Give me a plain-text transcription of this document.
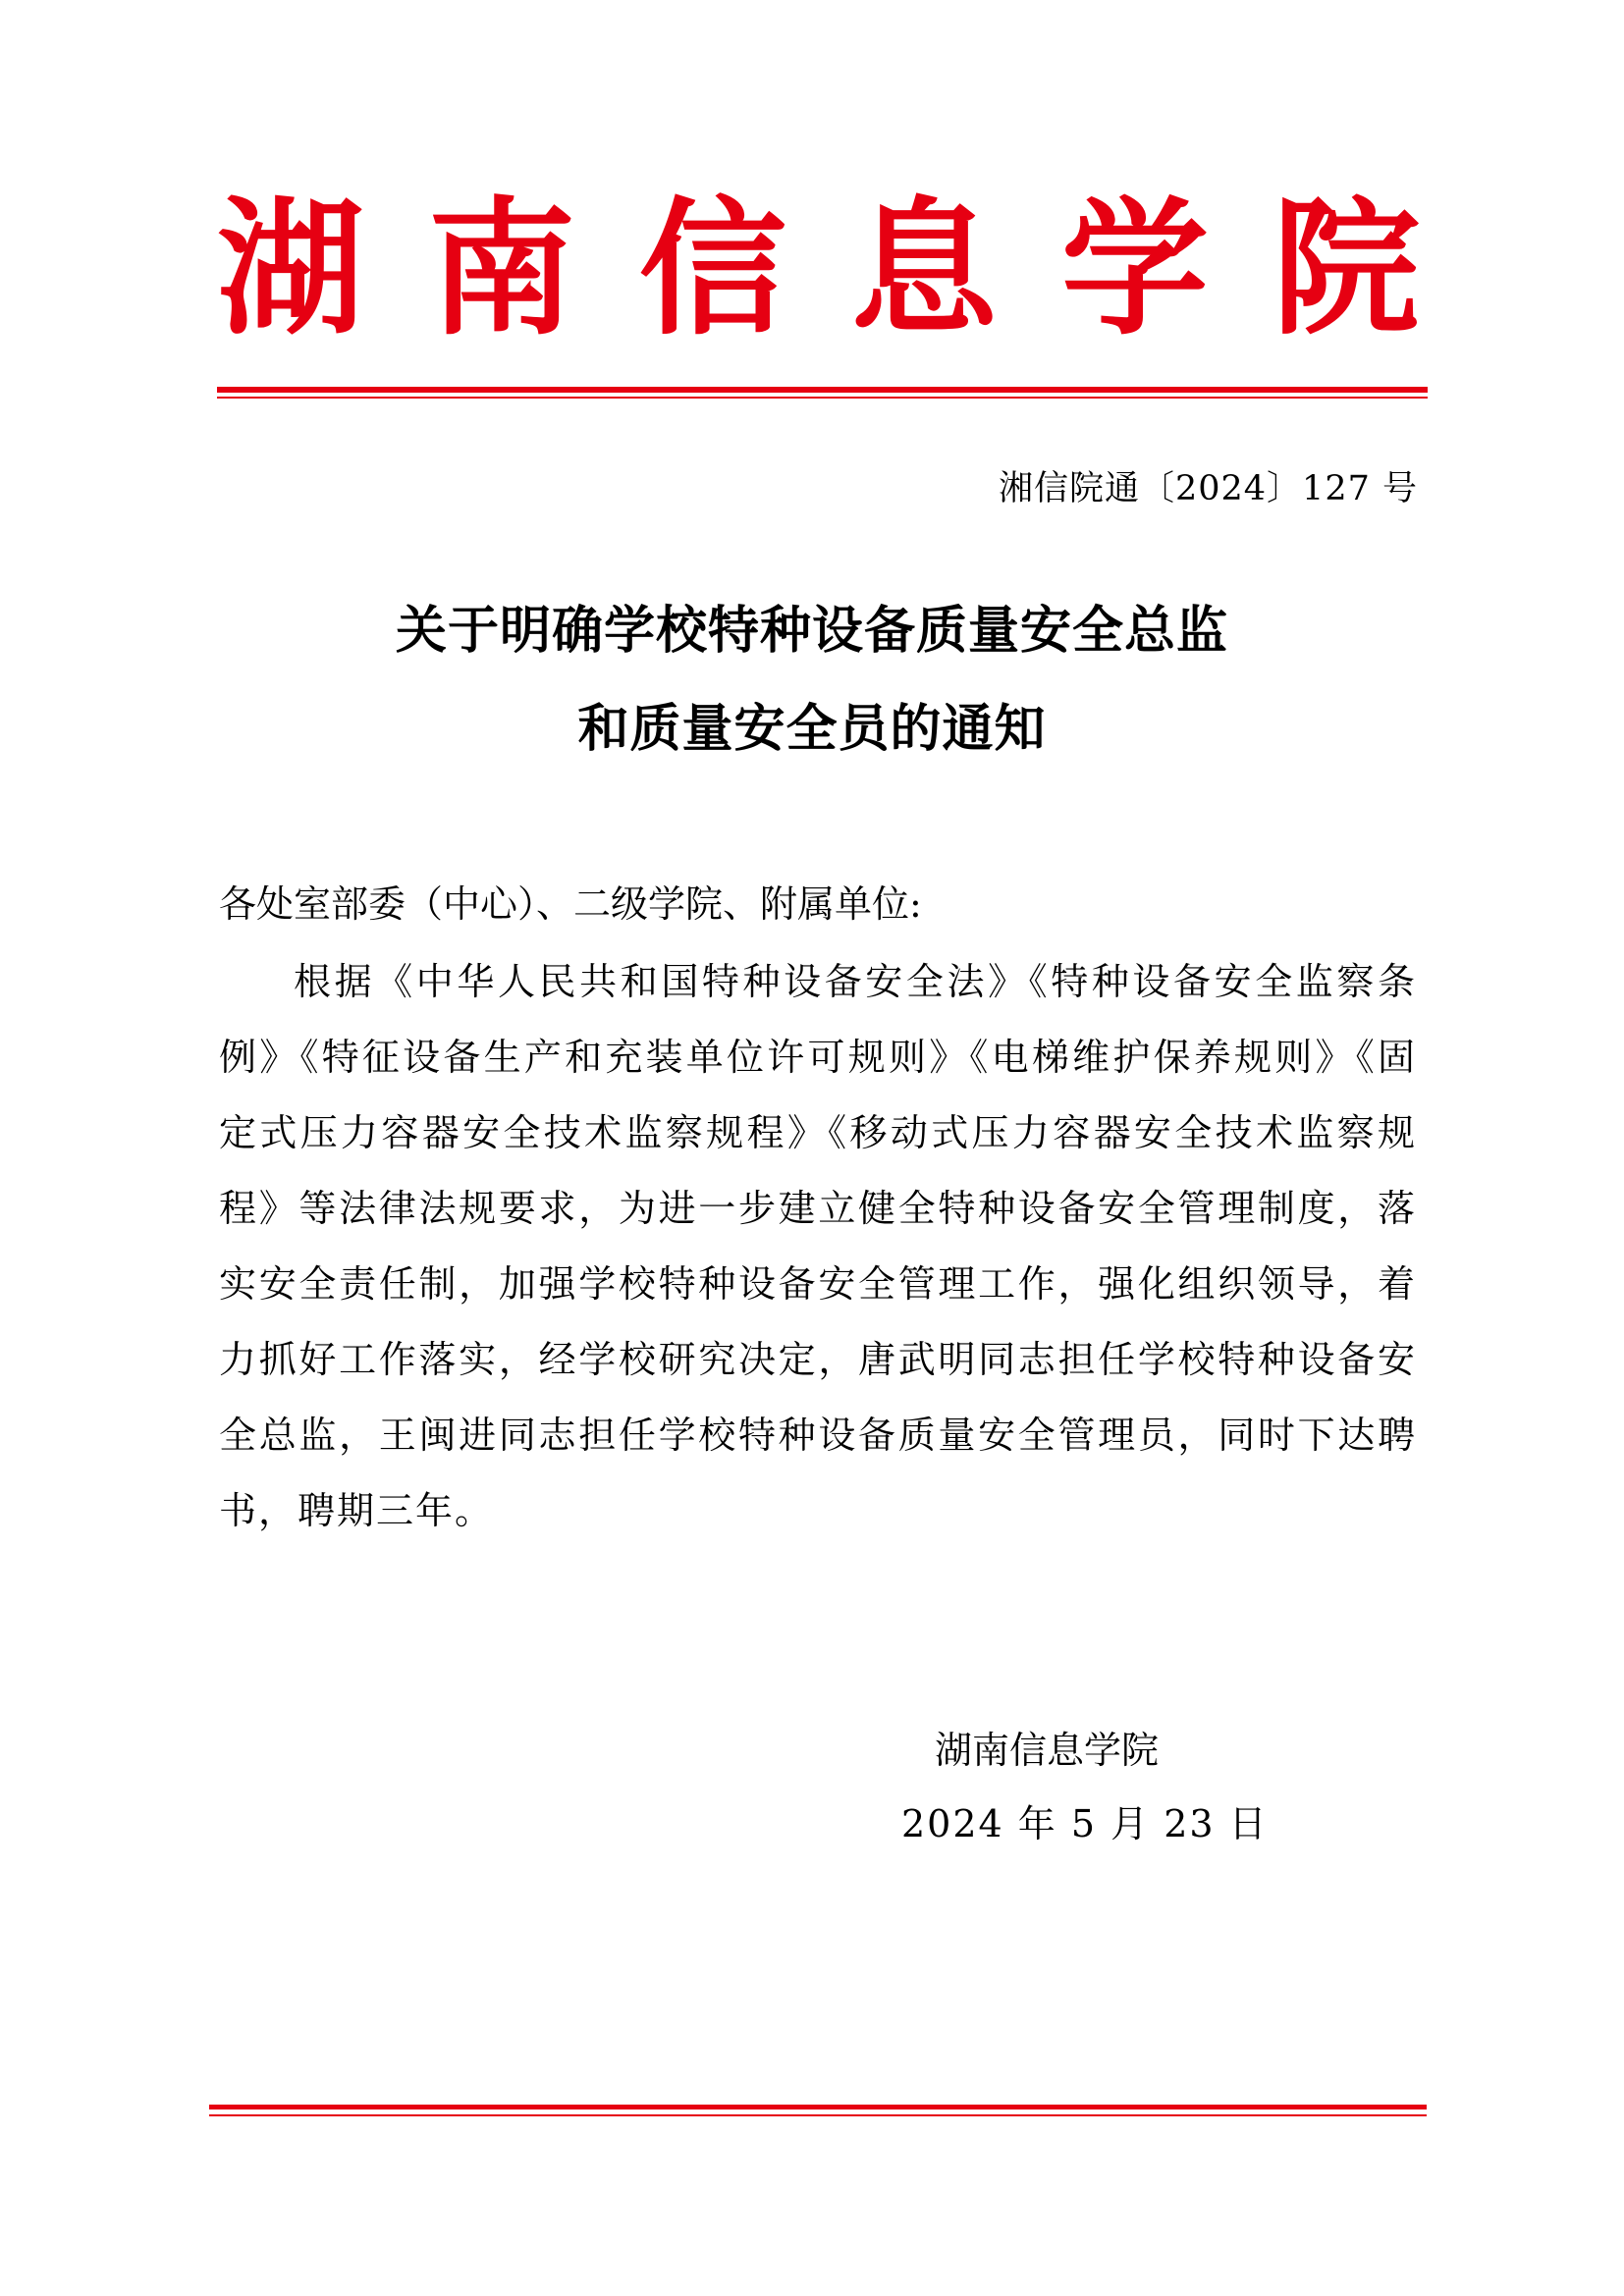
湖 南 信 息 学 院
湘信院通〔2024〕127 号
关于明确学校特种设备质量安全总监
和质量安全员的通知
各处室部委（中心）、二级学院、附属单位:

根据《中华人民共和国特种设备安全法》《特种设备安全监察条例》《特征设备生产和充装单位许可规则》《电梯维护保养规则》《固定式压力容器安全技术监察规程》《移动式压力容器安全技术监察规程》等法律法规要求，为进一步建立健全特种设备安全管理制度，落实安全责任制，加强学校特种设备安全管理工作，强化组织领导，着力抓好工作落实，经学校研究决定，唐武明同志担任学校特种设备安全总监，王闽进同志担任学校特种设备质量安全管理员，同时下达聘书，聘期三年。

湖南信息学院
2024 年 5 月 23 日
